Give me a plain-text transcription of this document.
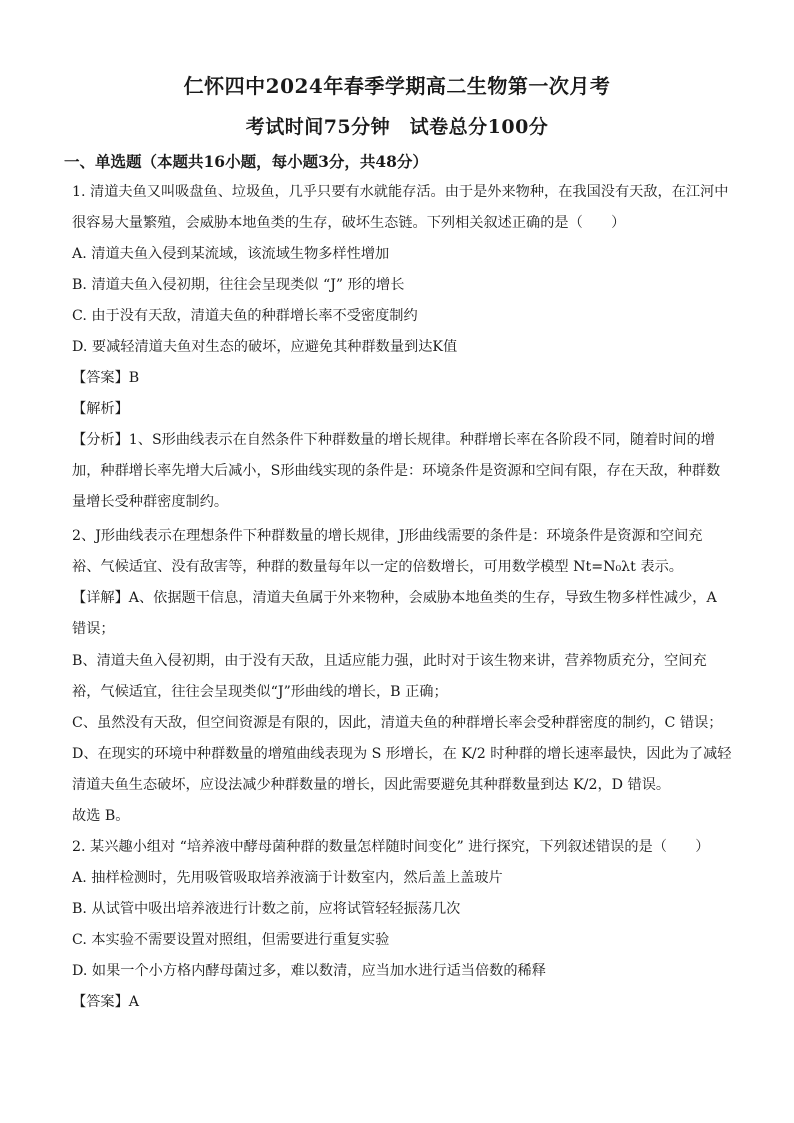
仁怀四中2024年春季学期高二生物第一次月考
考试时间75分钟　试卷总分100分
一、单选题（本题共16小题，每小题3分，共48分）
1. 清道夫鱼又叫吸盘鱼、垃圾鱼，几乎只要有水就能存活。由于是外来物种，在我国没有天敌，在江河中
很容易大量繁殖，会威胁本地鱼类的生存，破坏生态链。下列相关叙述正确的是（　　）
A. 清道夫鱼入侵到某流域，该流域生物多样性增加
B. 清道夫鱼入侵初期，往往会呈现类似 “J” 形的增长
C. 由于没有天敌，清道夫鱼的种群增长率不受密度制约
D. 要减轻清道夫鱼对生态的破坏，应避免其种群数量到达K值
【答案】B
【解析】
【分析】1、S形曲线表示在自然条件下种群数量的增长规律。种群增长率在各阶段不同，随着时间的增
加，种群增长率先增大后减小，S形曲线实现的条件是：环境条件是资源和空间有限，存在天敌，种群数
量增长受种群密度制约。
2、J形曲线表示在理想条件下种群数量的增长规律，J形曲线需要的条件是：环境条件是资源和空间充
裕、气候适宜、没有敌害等，种群的数量每年以一定的倍数增长，可用数学模型 Nt=N₀λt 表示。
【详解】A、依据题干信息，清道夫鱼属于外来物种，会威胁本地鱼类的生存，导致生物多样性减少，A
错误；
B、清道夫鱼入侵初期，由于没有天敌，且适应能力强，此时对于该生物来讲，营养物质充分，空间充
裕，气候适宜，往往会呈现类似“J”形曲线的增长，B 正确；
C、虽然没有天敌，但空间资源是有限的，因此，清道夫鱼的种群增长率会受种群密度的制约，C 错误；
D、在现实的环境中种群数量的增殖曲线表现为 S 形增长，在 K/2 时种群的增长速率最快，因此为了减轻
清道夫鱼生态破坏，应设法减少种群数量的增长，因此需要避免其种群数量到达 K/2，D 错误。
故选 B。
2. 某兴趣小组对 “培养液中酵母菌种群的数量怎样随时间变化” 进行探究，下列叙述错误的是（　　）
A. 抽样检测时，先用吸管吸取培养液滴于计数室内，然后盖上盖玻片
B. 从试管中吸出培养液进行计数之前，应将试管轻轻振荡几次
C. 本实验不需要设置对照组，但需要进行重复实验
D. 如果一个小方格内酵母菌过多，难以数清，应当加水进行适当倍数的稀释
【答案】A
